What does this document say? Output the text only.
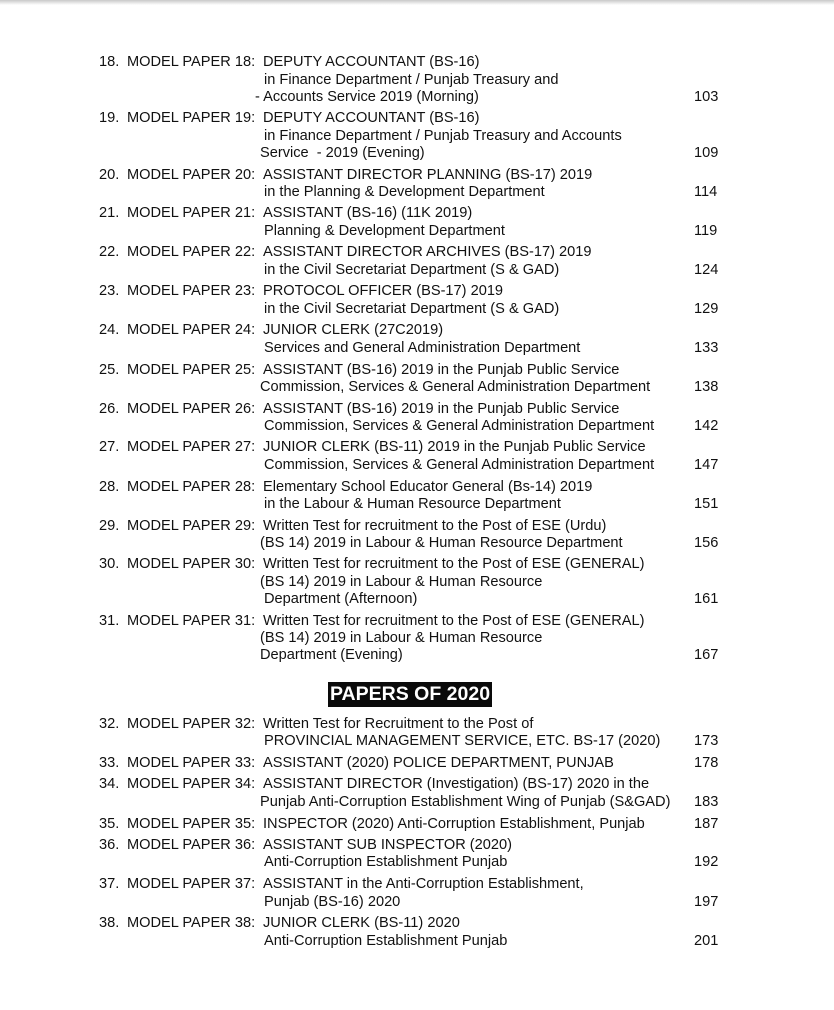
18. MODEL PAPER 18: DEPUTY ACCOUNTANT (BS-16)
in Finance Department / Punjab Treasury and
- Accounts Service 2019 (Morning)	103
19. MODEL PAPER 19: DEPUTY ACCOUNTANT (BS-16)
in Finance Department / Punjab Treasury and Accounts
Service  - 2019 (Evening)	109
20. MODEL PAPER 20: ASSISTANT DIRECTOR PLANNING (BS-17) 2019
in the Planning & Development Department	114
21. MODEL PAPER 21: ASSISTANT (BS-16) (11K 2019)
Planning & Development Department	119
22. MODEL PAPER 22: ASSISTANT DIRECTOR ARCHIVES (BS-17) 2019
in the Civil Secretariat Department (S & GAD)	124
23. MODEL PAPER 23: PROTOCOL OFFICER (BS-17) 2019
in the Civil Secretariat Department (S & GAD)	129
24. MODEL PAPER 24: JUNIOR CLERK (27C2019)
Services and General Administration Department	133
25. MODEL PAPER 25: ASSISTANT (BS-16) 2019 in the Punjab Public Service
Commission, Services & General Administration Department	138
26. MODEL PAPER 26: ASSISTANT (BS-16) 2019 in the Punjab Public Service
Commission, Services & General Administration Department	142
27. MODEL PAPER 27: JUNIOR CLERK (BS-11) 2019 in the Punjab Public Service
Commission, Services & General Administration Department	147
28. MODEL PAPER 28: Elementary School Educator General (Bs-14) 2019
in the Labour & Human Resource Department	151
29. MODEL PAPER 29: Written Test for recruitment to the Post of ESE (Urdu)
(BS 14) 2019 in Labour & Human Resource Department	156
30. MODEL PAPER 30: Written Test for recruitment to the Post of ESE (GENERAL)
(BS 14) 2019 in Labour & Human Resource
Department (Afternoon)	161
31. MODEL PAPER 31: Written Test for recruitment to the Post of ESE (GENERAL)
(BS 14) 2019 in Labour & Human Resource
Department (Evening)	167
32. MODEL PAPER 32: Written Test for Recruitment to the Post of
PROVINCIAL MANAGEMENT SERVICE, ETC. BS-17 (2020) 173
33. MODEL PAPER 33: ASSISTANT (2020) POLICE DEPARTMENT, PUNJAB	178
34. MODEL PAPER 34: ASSISTANT DIRECTOR (Investigation) (BS-17) 2020 in the
Punjab Anti-Corruption Establishment Wing of Punjab (S&GAD) 183
35. MODEL PAPER 35: INSPECTOR (2020) Anti-Corruption Establishment, Punjab	187
36. MODEL PAPER 36: ASSISTANT SUB INSPECTOR (2020)
Anti-Corruption Establishment Punjab	192
37. MODEL PAPER 37: ASSISTANT in the Anti-Corruption Establishment,
Punjab (BS-16) 2020	197
38. MODEL PAPER 38: JUNIOR CLERK (BS-11) 2020
Anti-Corruption Establishment Punjab	201
PAPERS OF 2020
